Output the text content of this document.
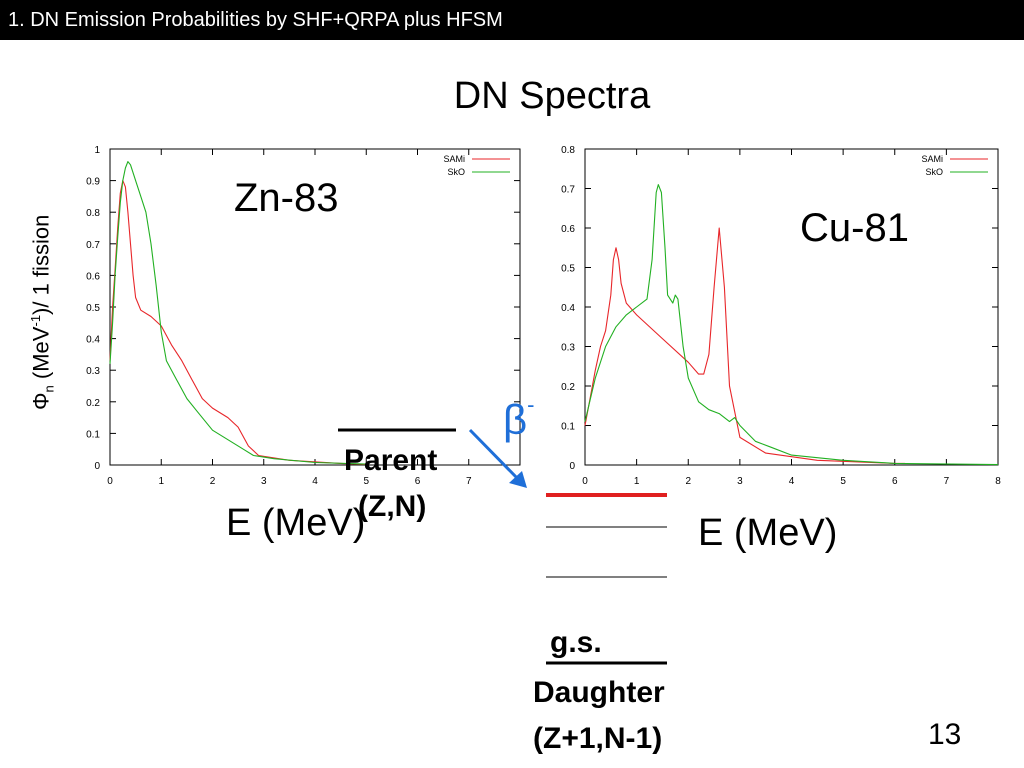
1. DN Emission Probabilities by SHF+QRPA plus HFSM
DN Spectra
$\Phi_n$ (MeV$^{-1}$)/ 1 fission
0
0.1
0.2
0.3
0.4
0.5
0.6
0.7
0.8
0.9
1
0	1	2	3	4	5	6	7
SAMi
SkO
0
0.1
0.2
0.3
0.4
0.5
0.6
0.7
0.8
0	1	2	3	4	5	6	7	8
SAMi
SkO
Zn-83
Cu-81
E (MeV)	E (MeV)
β-
Parent
(Z,N)
g.s.
Daughter
(Z+1,N-1)	13
